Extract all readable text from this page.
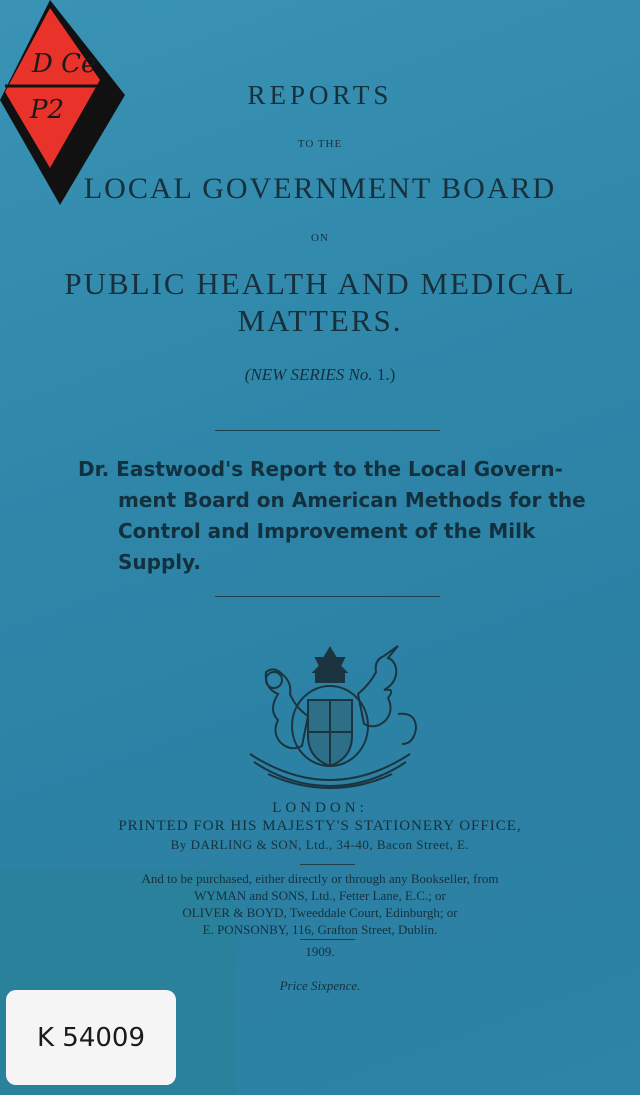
D Ce
P2	REPORTS
TO THE
LOCAL GOVERNMENT BOARD
ON
PUBLIC HEALTH AND MEDICAL
MATTERS.
(NEW SERIES No. 1.)
Dr. Eastwood's Report to the Local Govern-
ment Board on American Methods for the
Control and Improvement of the Milk
Supply.
LONDON:
PRINTED FOR HIS MAJESTY'S STATIONERY OFFICE,
By DARLING & SON, Ltd., 34-40, Bacon Street, E.
And to be purchased, either directly or through any Bookseller, from
WYMAN and SONS, Ltd., Fetter Lane, E.C.; or
OLIVER & BOYD, Tweeddale Court, Edinburgh; or
E. PONSONBY, 116, Grafton Street, Dublin.
1909.
Price Sixpence.
K 54009
